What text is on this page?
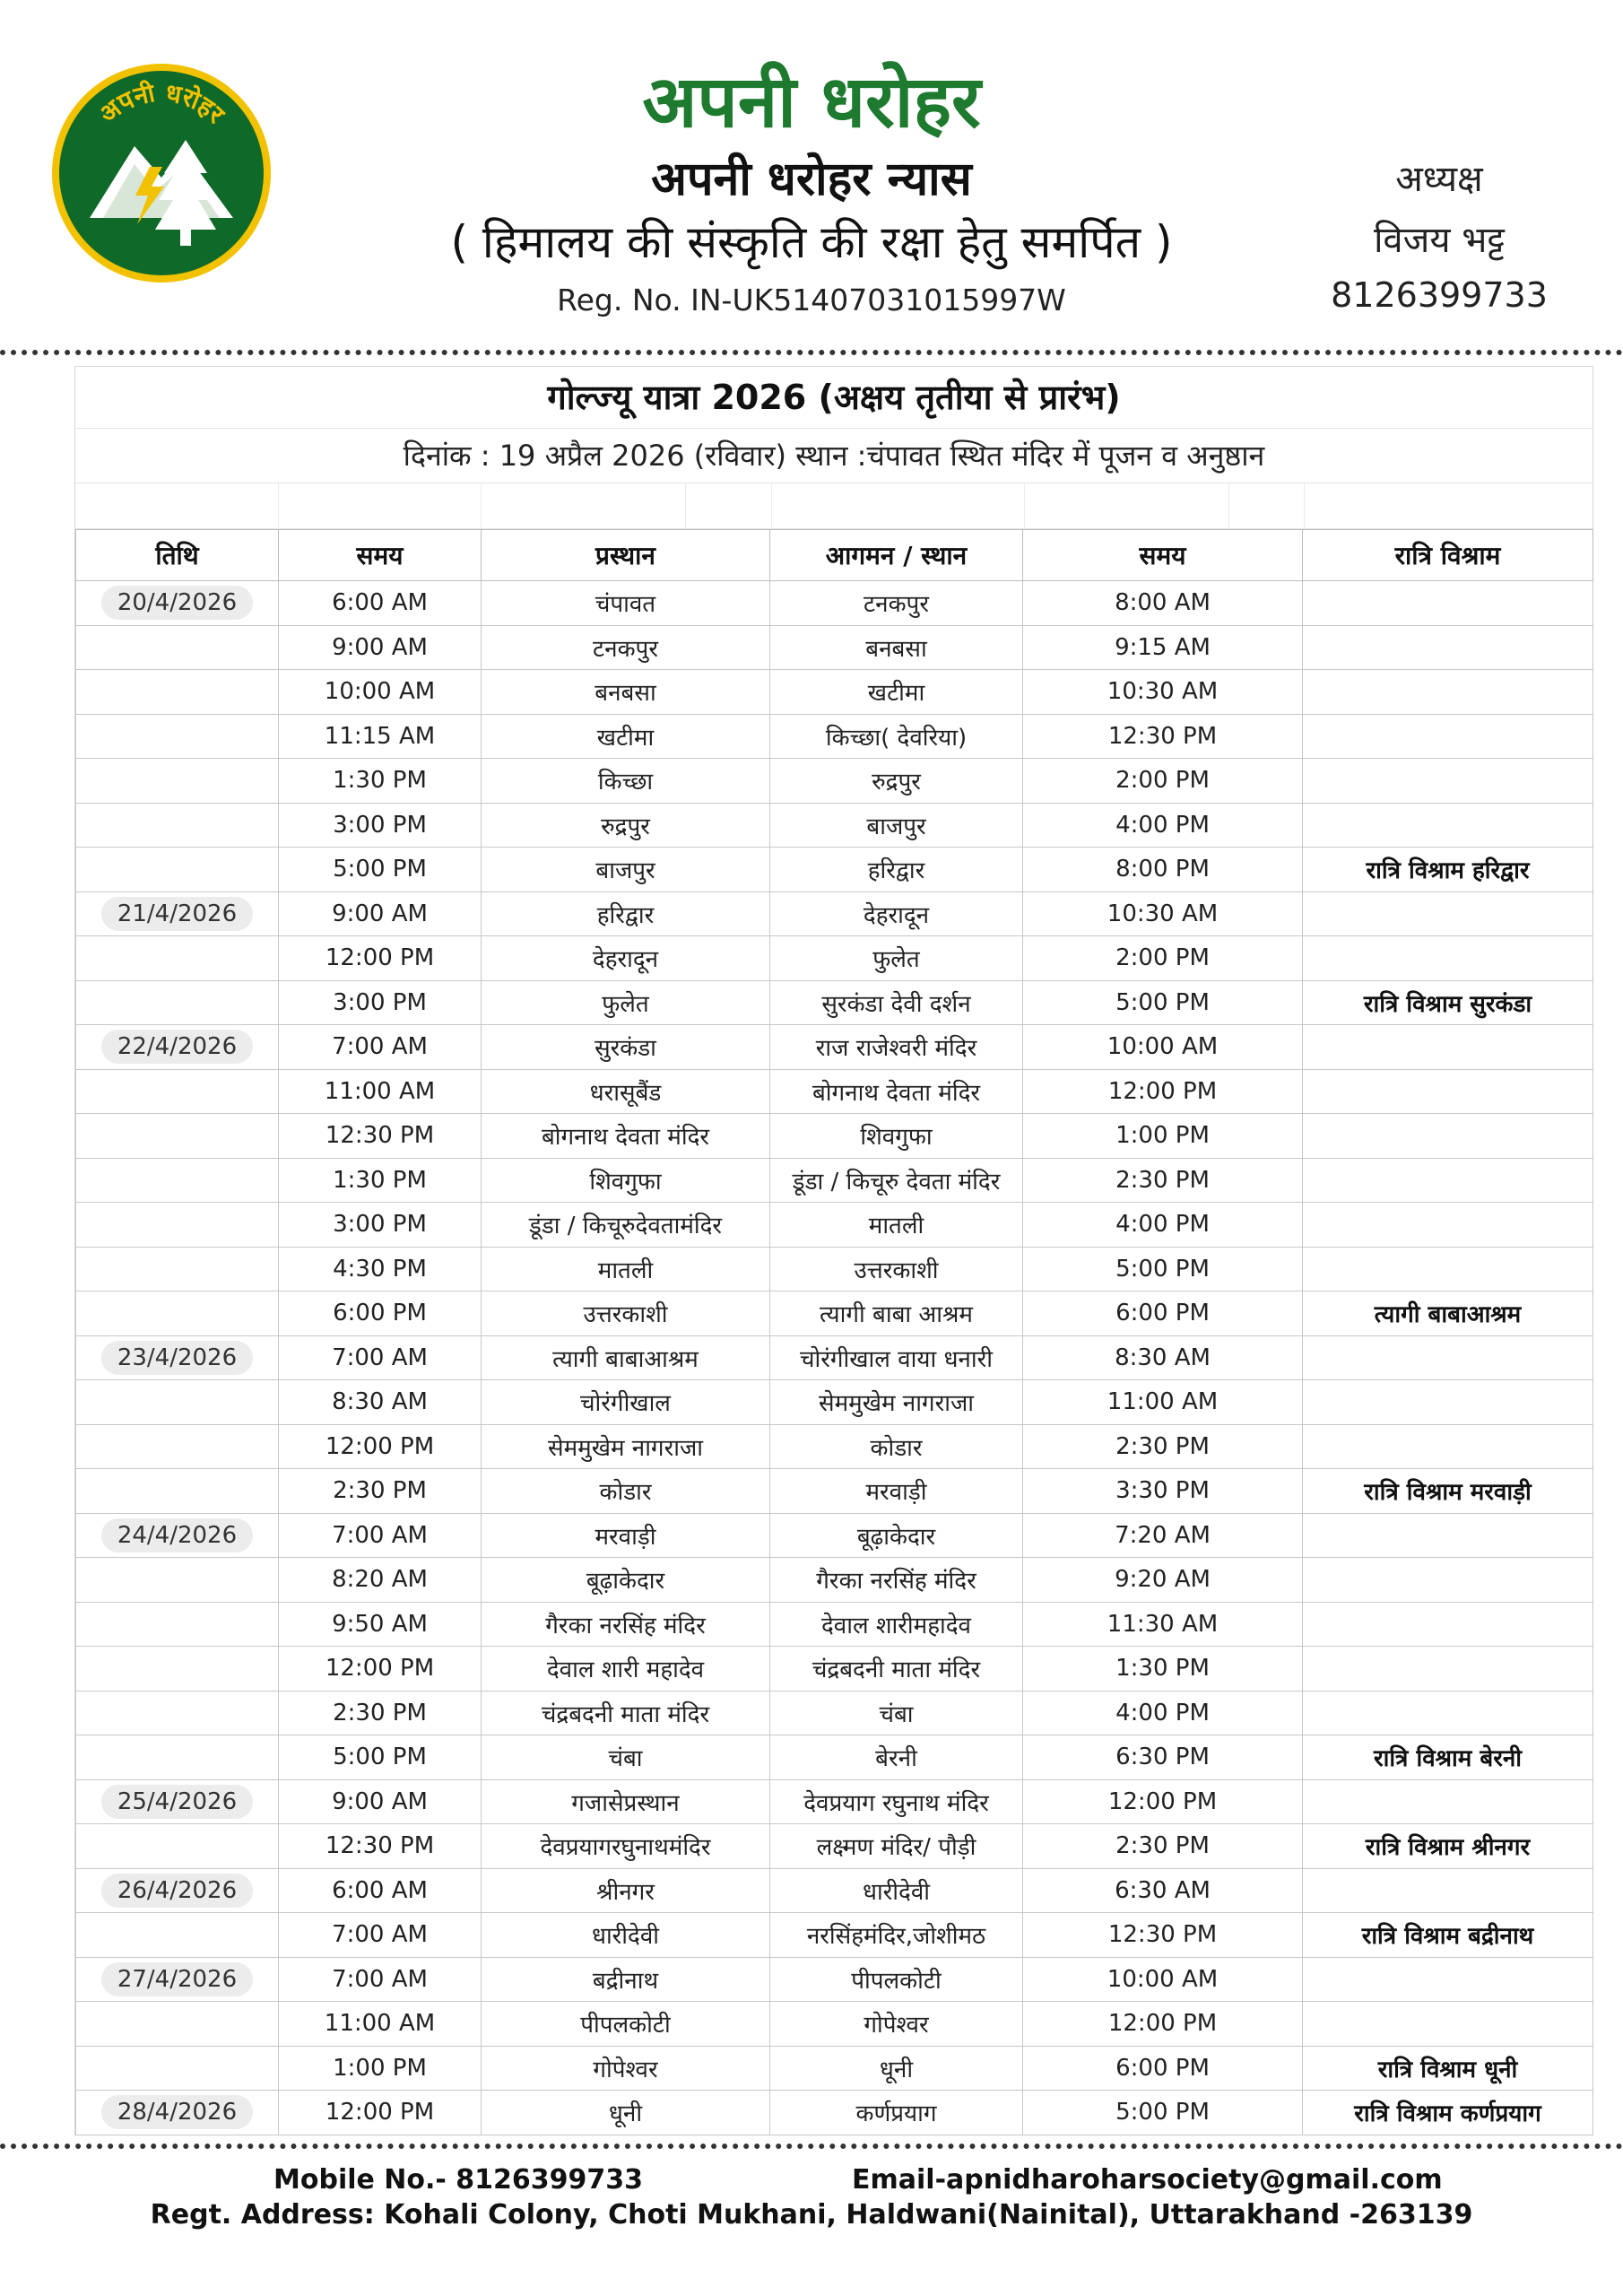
अपनी धरोहर	अपनी धरोहर
अपनी धरोहर न्यास
( हिमालय की संस्कृति की रक्षा हेतु समर्पित )
Reg. No. IN-UK51407031015997W
अध्यक्ष
विजय भट्ट
8126399733
गोल्ज्यू यात्रा 2026 (अक्षय तृतीया से प्रारंभ)
दिनांक : 19 अप्रैल 2026 (रविवार) स्थान :चंपावत स्थित मंदिर में पूजन व अनुष्ठान
तिथि	समय	प्रस्थान	आगमन / स्थान	समय	रात्रि विश्राम
20/4/2026	6:00 AM	चंपावत	टनकपुर	8:00 AM	
	9:00 AM	टनकपुर	बनबसा	9:15 AM	
	10:00 AM	बनबसा	खटीमा	10:30 AM	
	11:15 AM	खटीमा	किच्छा( देवरिया)	12:30 PM	
	1:30 PM	किच्छा	रुद्रपुर	2:00 PM	
	3:00 PM	रुद्रपुर	बाजपुर	4:00 PM	
	5:00 PM	बाजपुर	हरिद्वार	8:00 PM	रात्रि विश्राम हरिद्वार
21/4/2026	9:00 AM	हरिद्वार	देहरादून	10:30 AM	
	12:00 PM	देहरादून	फुलेत	2:00 PM	
	3:00 PM	फुलेत	सुरकंडा देवी दर्शन	5:00 PM	रात्रि विश्राम सुरकंडा
22/4/2026	7:00 AM	सुरकंडा	राज राजेश्वरी मंदिर	10:00 AM	
	11:00 AM	धरासूबैंड	बोगनाथ देवता मंदिर	12:00 PM	
	12:30 PM	बोगनाथ देवता मंदिर	शिवगुफा	1:00 PM	
	1:30 PM	शिवगुफा	डूंडा / किचूरु देवता मंदिर	2:30 PM	
	3:00 PM	डूंडा / किचूरुदेवतामंदिर	मातली	4:00 PM	
	4:30 PM	मातली	उत्तरकाशी	5:00 PM	
	6:00 PM	उत्तरकाशी	त्यागी बाबा आश्रम	6:00 PM	त्यागी बाबाआश्रम
23/4/2026	7:00 AM	त्यागी बाबाआश्रम	चोरंगीखाल वाया धनारी	8:30 AM	
	8:30 AM	चोरंगीखाल	सेममुखेम नागराजा	11:00 AM	
	12:00 PM	सेममुखेम नागराजा	कोडार	2:30 PM	
	2:30 PM	कोडार	मरवाड़ी	3:30 PM	रात्रि विश्राम मरवाड़ी
24/4/2026	7:00 AM	मरवाड़ी	बूढ़ाकेदार	7:20 AM	
	8:20 AM	बूढ़ाकेदार	गैरका नरसिंह मंदिर	9:20 AM	
	9:50 AM	गैरका नरसिंह मंदिर	देवाल शारीमहादेव	11:30 AM	
	12:00 PM	देवाल शारी महादेव	चंद्रबदनी माता मंदिर	1:30 PM	
	2:30 PM	चंद्रबदनी माता मंदिर	चंबा	4:00 PM	
	5:00 PM	चंबा	बेरनी	6:30 PM	रात्रि विश्राम बेरनी
25/4/2026	9:00 AM	गजासेप्रस्थान	देवप्रयाग रघुनाथ मंदिर	12:00 PM	
	12:30 PM	देवप्रयागरघुनाथमंदिर	लक्ष्मण मंदिर/ पौड़ी	2:30 PM	रात्रि विश्राम श्रीनगर
26/4/2026	6:00 AM	श्रीनगर	धारीदेवी	6:30 AM	
	7:00 AM	धारीदेवी	नरसिंहमंदिर,जोशीमठ	12:30 PM	रात्रि विश्राम बद्रीनाथ
27/4/2026	7:00 AM	बद्रीनाथ	पीपलकोटी	10:00 AM	
	11:00 AM	पीपलकोटी	गोपेश्वर	12:00 PM	
	1:00 PM	गोपेश्वर	धूनी	6:00 PM	रात्रि विश्राम धूनी
28/4/2026	12:00 PM	धूनी	कर्णप्रयाग	5:00 PM	रात्रि विश्राम कर्णप्रयाग
Mobile No.- 8126399733	Email-apnidharoharsociety@gmail.com
Regt. Address: Kohali Colony, Choti Mukhani, Haldwani(Nainital), Uttarakhand -263139
